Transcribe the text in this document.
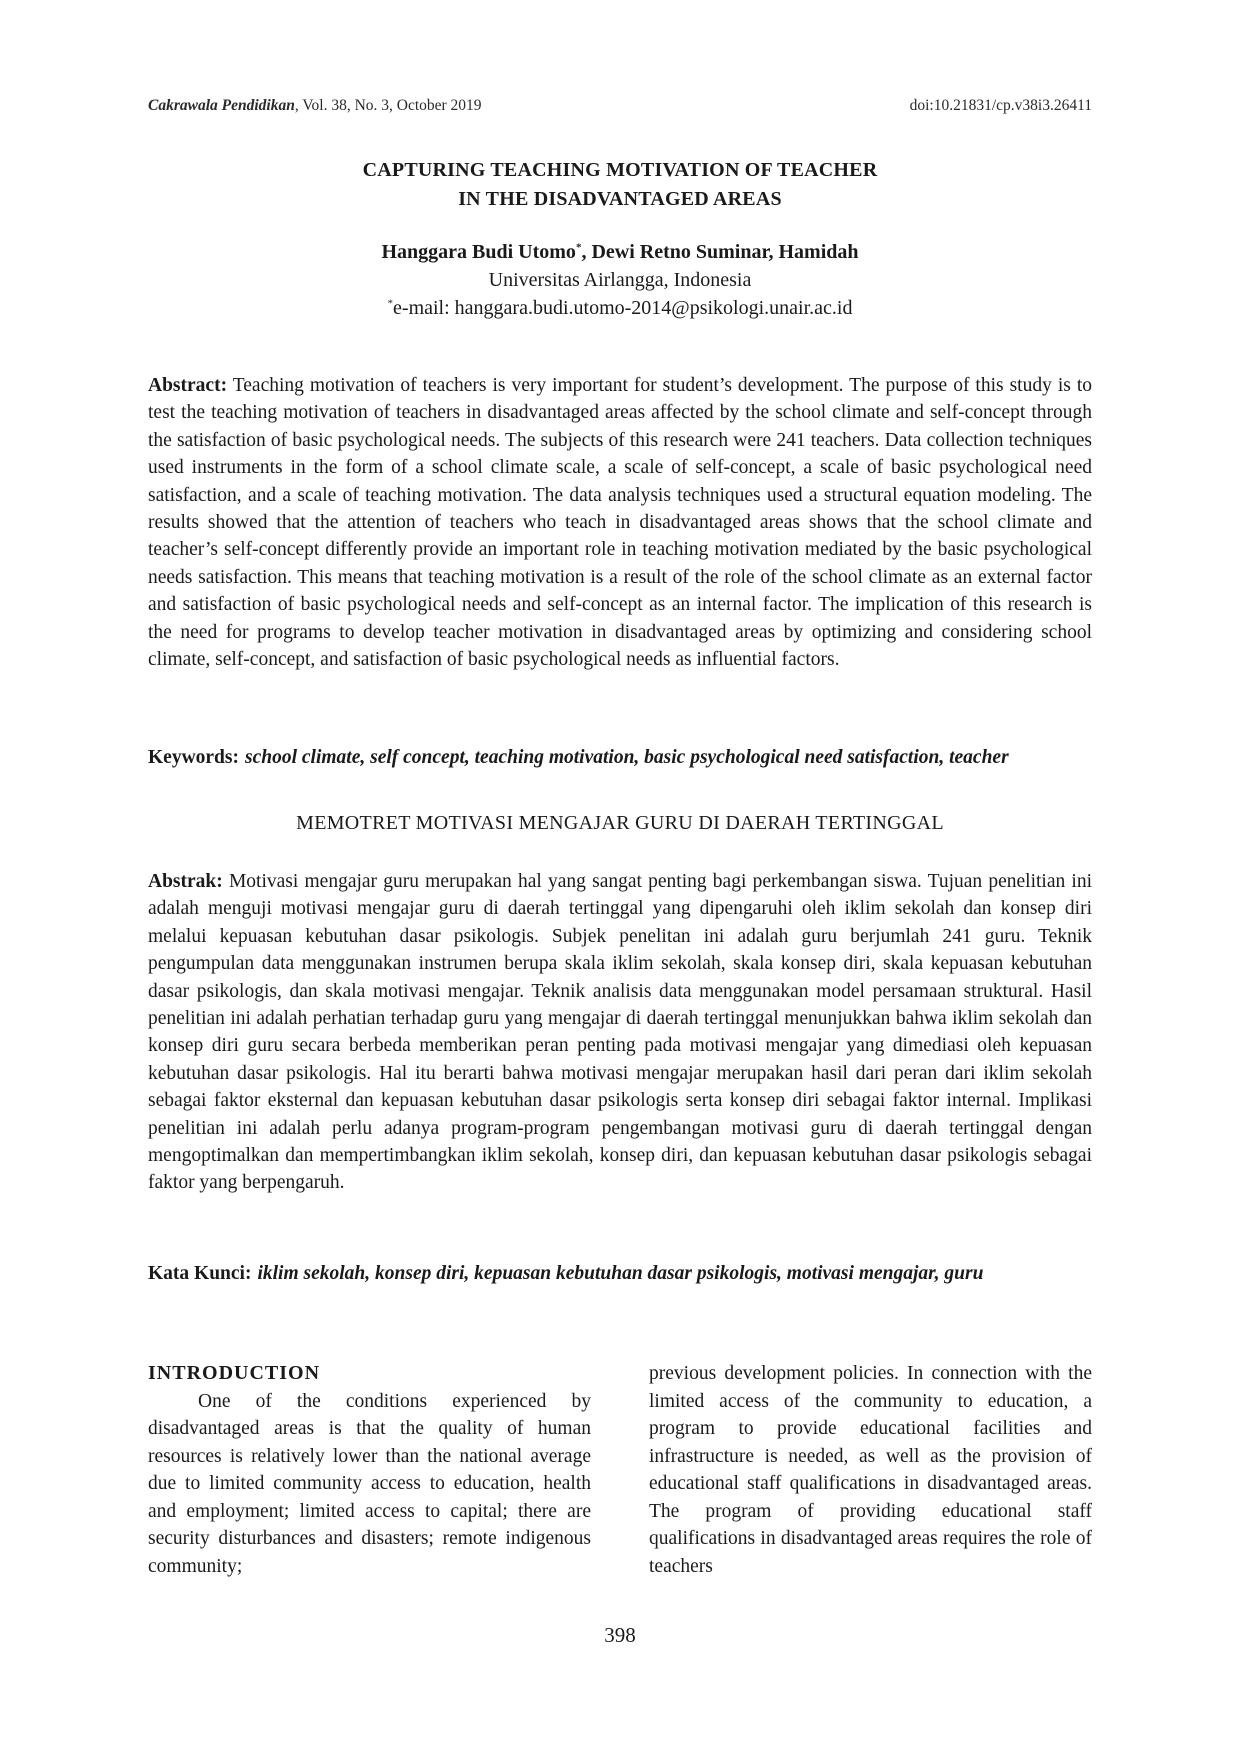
Cakrawala Pendidikan, Vol. 38, No. 3, October 2019	doi:10.21831/cp.v38i3.26411
CAPTURING TEACHING MOTIVATION OF TEACHER
IN THE DISADVANTAGED AREAS
Hanggara Budi Utomo*, Dewi Retno Suminar, Hamidah
Universitas Airlangga, Indonesia
*e-mail: hanggara.budi.utomo-2014@psikologi.unair.ac.id
Abstract: Teaching motivation of teachers is very important for student’s development. The purpose of this study is to test the teaching motivation of teachers in disadvantaged areas affected by the school climate and self-concept through the satisfaction of basic psychological needs. The subjects of this research were 241 teachers. Data collection techniques used instruments in the form of a school climate scale, a scale of self-concept, a scale of basic psychological need satisfaction, and a scale of teaching motivation. The data analysis techniques used a structural equation modeling. The results showed that the attention of teachers who teach in disadvantaged areas shows that the school climate and teacher’s self-concept differently provide an important role in teaching motivation mediated by the basic psychological needs satisfaction. This means that teaching motivation is a result of the role of the school climate as an external factor and satisfaction of basic psychological needs and self-concept as an internal factor. The implication of this research is the need for programs to develop teacher motivation in disadvantaged areas by optimizing and considering school climate, self-concept, and satisfaction of basic psychological needs as influential factors.
Keywords: school climate, self concept, teaching motivation, basic psychological need satisfaction, teacher
MEMOTRET MOTIVASI MENGAJAR GURU DI DAERAH TERTINGGAL
Abstrak: Motivasi mengajar guru merupakan hal yang sangat penting bagi perkembangan siswa. Tujuan penelitian ini adalah menguji motivasi mengajar guru di daerah tertinggal yang dipengaruhi oleh iklim sekolah dan konsep diri melalui kepuasan kebutuhan dasar psikologis. Subjek penelitan ini adalah guru berjumlah 241 guru. Teknik pengumpulan data menggunakan instrumen berupa skala iklim sekolah, skala konsep diri, skala kepuasan kebutuhan dasar psikologis, dan skala motivasi mengajar. Teknik analisis data menggunakan model persamaan struktural. Hasil penelitian ini adalah perhatian terhadap guru yang mengajar di daerah tertinggal menunjukkan bahwa iklim sekolah dan konsep diri guru secara berbeda memberikan peran penting pada motivasi mengajar yang dimediasi oleh kepuasan kebutuhan dasar psikologis. Hal itu berarti bahwa motivasi mengajar merupakan hasil dari peran dari iklim sekolah sebagai faktor eksternal dan kepuasan kebutuhan dasar psikologis serta konsep diri sebagai faktor internal. Implikasi penelitian ini adalah perlu adanya program-program pengembangan motivasi guru di daerah tertinggal dengan mengoptimalkan dan mempertimbangkan iklim sekolah, konsep diri, dan kepuasan kebutuhan dasar psikologis sebagai faktor yang berpengaruh.
Kata Kunci: iklim sekolah, konsep diri, kepuasan kebutuhan dasar psikologis, motivasi mengajar, guru
INTRODUCTION

One of the conditions experienced by disadvantaged areas is that the quality of human resources is relatively lower than the national average due to limited community access to education, health and employment; limited access to capital; there are security disturbances and disasters; remote indigenous community;

previous development policies. In connection with the limited access of the community to education, a program to provide educational facilities and infrastructure is needed, as well as the provision of educational staff qualifications in disadvantaged areas. The program of providing educational staff qualifications in disadvantaged areas requires the role of teachers

398
